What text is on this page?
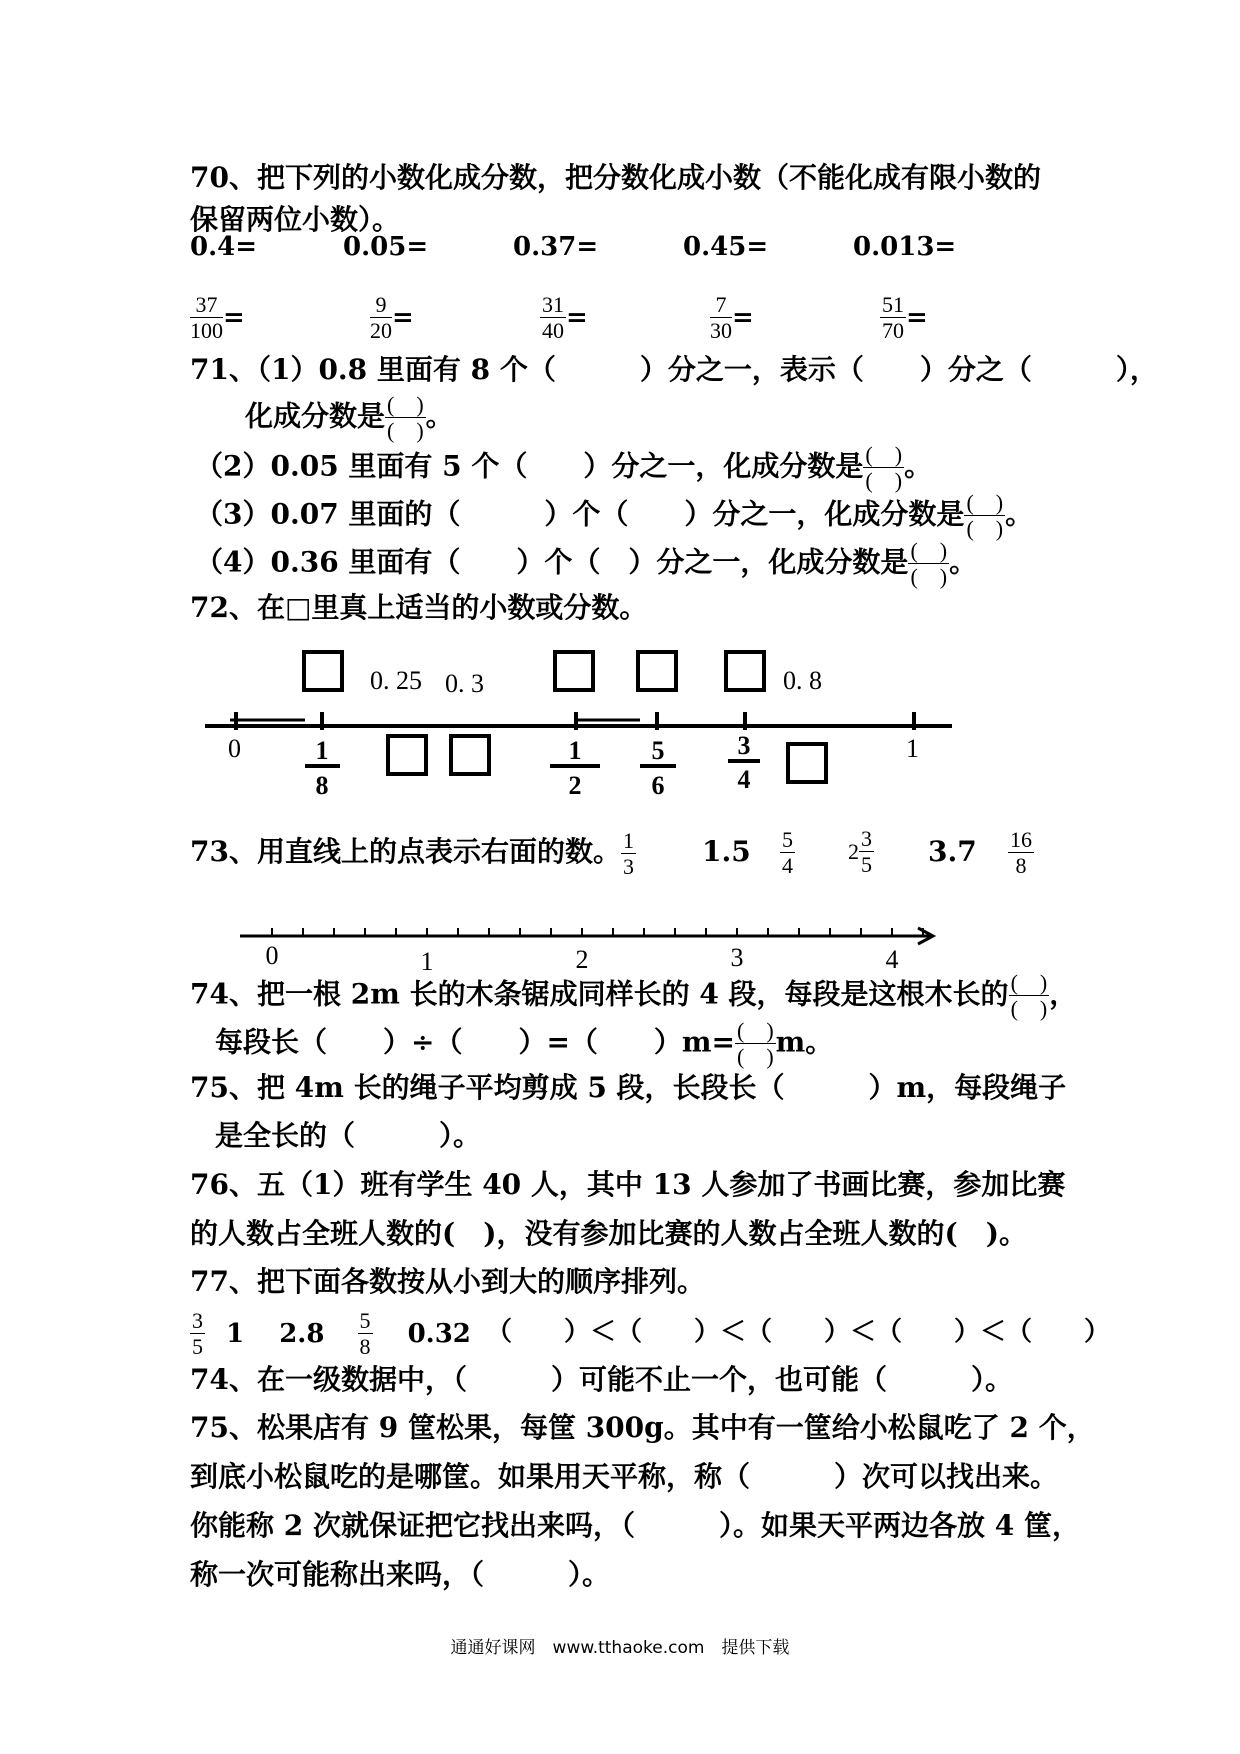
70、把下列的小数化成分数，把分数化成小数（不能化成有限小数的
保留两位小数）。
0.4=	0.05=	0.37=	0.45=	0.013=
$\frac{37}{100}$ =	$\frac{9}{20}$ =	$\frac{31}{40}$ =	$\frac{7}{30}$ =	$\frac{51}{70}$ =
71、（1）0.8 里面有 8 个（　　　）分之一，表示（　　）分之（　　　），
化成分数是 $\frac{( )}{( )}$ 。
（2）0.05 里面有 5 个（　　）分之一，化成分数是 $\frac{( )}{( )}$ 。
（3）0.07 里面的（　　　）个（　　）分之一，化成分数是 $\frac{( )}{( )}$ 。
（4）0.36 里面有（　　）个（　）分之一，化成分数是 $\frac{( )}{( )}$ 。
72、在□里真上适当的小数或分数。
0. 25 0. 3	0. 8
0	1
1
8
1
2
5
6
3
4
73、用直线上的点表示右面的数。 $\frac{1}{3} 1.5 \frac{5}{4} 2 \frac{3}{5} 3.7 \frac{16}{8}$
0	1	2	3	4
74、把一根 2m 长的木条锯成同样长的 4 段，每段是这根木长的 $\frac{( )}{( )}$ ，
每段长（　　）÷（　　）=（　　）$m= \frac{( )}{( )}$ m。
75、把 4m 长的绳子平均剪成 5 段，长段长（　　　）m，每段绳子
是全长的（　　　）。
76、五（1）班有学生 40 人，其中 13 人参加了书画比赛，参加比赛
的人数占全班人数的(　)，没有参加比赛的人数占全班人数的(　)。
77、把下面各数按从小到大的顺序排列。
$\frac{3}{5} 1$ $2.8 \frac{5}{8} 0.32$ （　　）＜（　　）＜（　　）＜（　　）＜（　　）
74、在一级数据中，（　　　）可能不止一个，也可能（　　　）。
75、松果店有 9 筐松果，每筐 300g。其中有一筐给小松鼠吃了 2 个，
到底小松鼠吃的是哪筐。如果用天平称，称（　　　）次可以找出来。
你能称 2 次就保证把它找出来吗，（　　　）。如果天平两边各放 4 筐，
称一次可能称出来吗，（　　　）。
通通好课网　www.tthaoke.com　提供下载
